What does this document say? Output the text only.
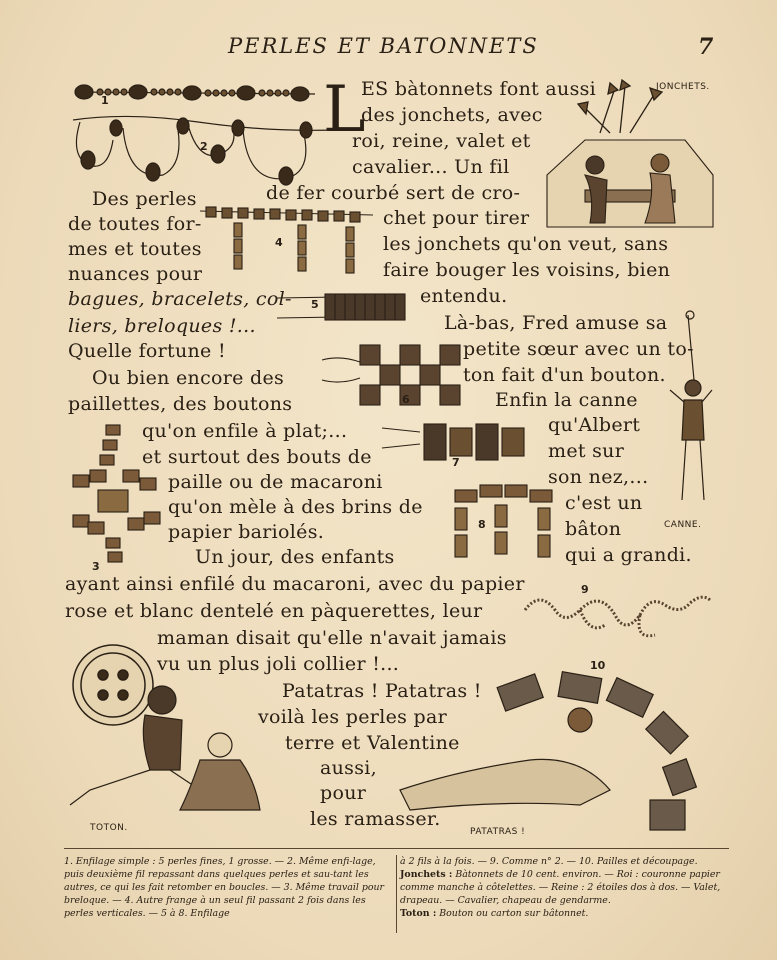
PERLES ET BATONNETS	7
1
2
3
4
5
6
7
8
9
10
JONCHETS.
CANNE.
TOTON.	PATATRAS !
L
ES bàtonnets font aussi
des jonchets, avec
roi, reine, valet et
cavalier... Un fil
de fer courbé sert de cro-
chet pour tirer
les jonchets qu'on veut, sans
faire bouger les voisins, bien
entendu.
Là-bas, Fred amuse sa
petite sœur avec un to-
ton fait d'un bouton.
Enfin la canne
qu'Albert
met sur
son nez,...
c'est un
bâton
qui a grandi.
Des perles
de toutes for-
mes et toutes
nuances pour
bagues, bracelets, col-
liers, breloques !...
Quelle fortune !
Ou bien encore des
paillettes, des boutons
qu'on enfile à plat;...
et surtout des bouts de
paille ou de macaroni
qu'on mèle à des brins de
papier bariolés.
Un jour, des enfants
ayant ainsi enfilé du macaroni, avec du papier
rose et blanc dentelé en pàquerettes, leur
maman disait qu'elle n'avait jamais
vu un plus joli collier !...
Patatras ! Patatras !
voilà les perles par
terre et Valentine
aussi,
pour
les ramasser.
1. Enfilage simple : 5 perles fines, 1 grosse. — 2. Même enfi-lage, puis deuxième fil repassant dans quelques perles et sau-tant les autres, ce qui les fait retomber en boucles. — 3. Même travail pour breloque. — 4. Autre frange à un seul fil passant 2 fois dans les perles verticales. — 5 à 8. Enfilage
à 2 fils à la fois. — 9. Comme n° 2. — 10. Pailles et découpage.
Jonchets : Bàtonnets de 10 cent. environ. — Roi : couronne papier comme manche à côtelettes. — Reine : 2 étoiles dos à dos. — Valet, drapeau. — Cavalier, chapeau de gendarme.
Toton : Bouton ou carton sur bâtonnet.
